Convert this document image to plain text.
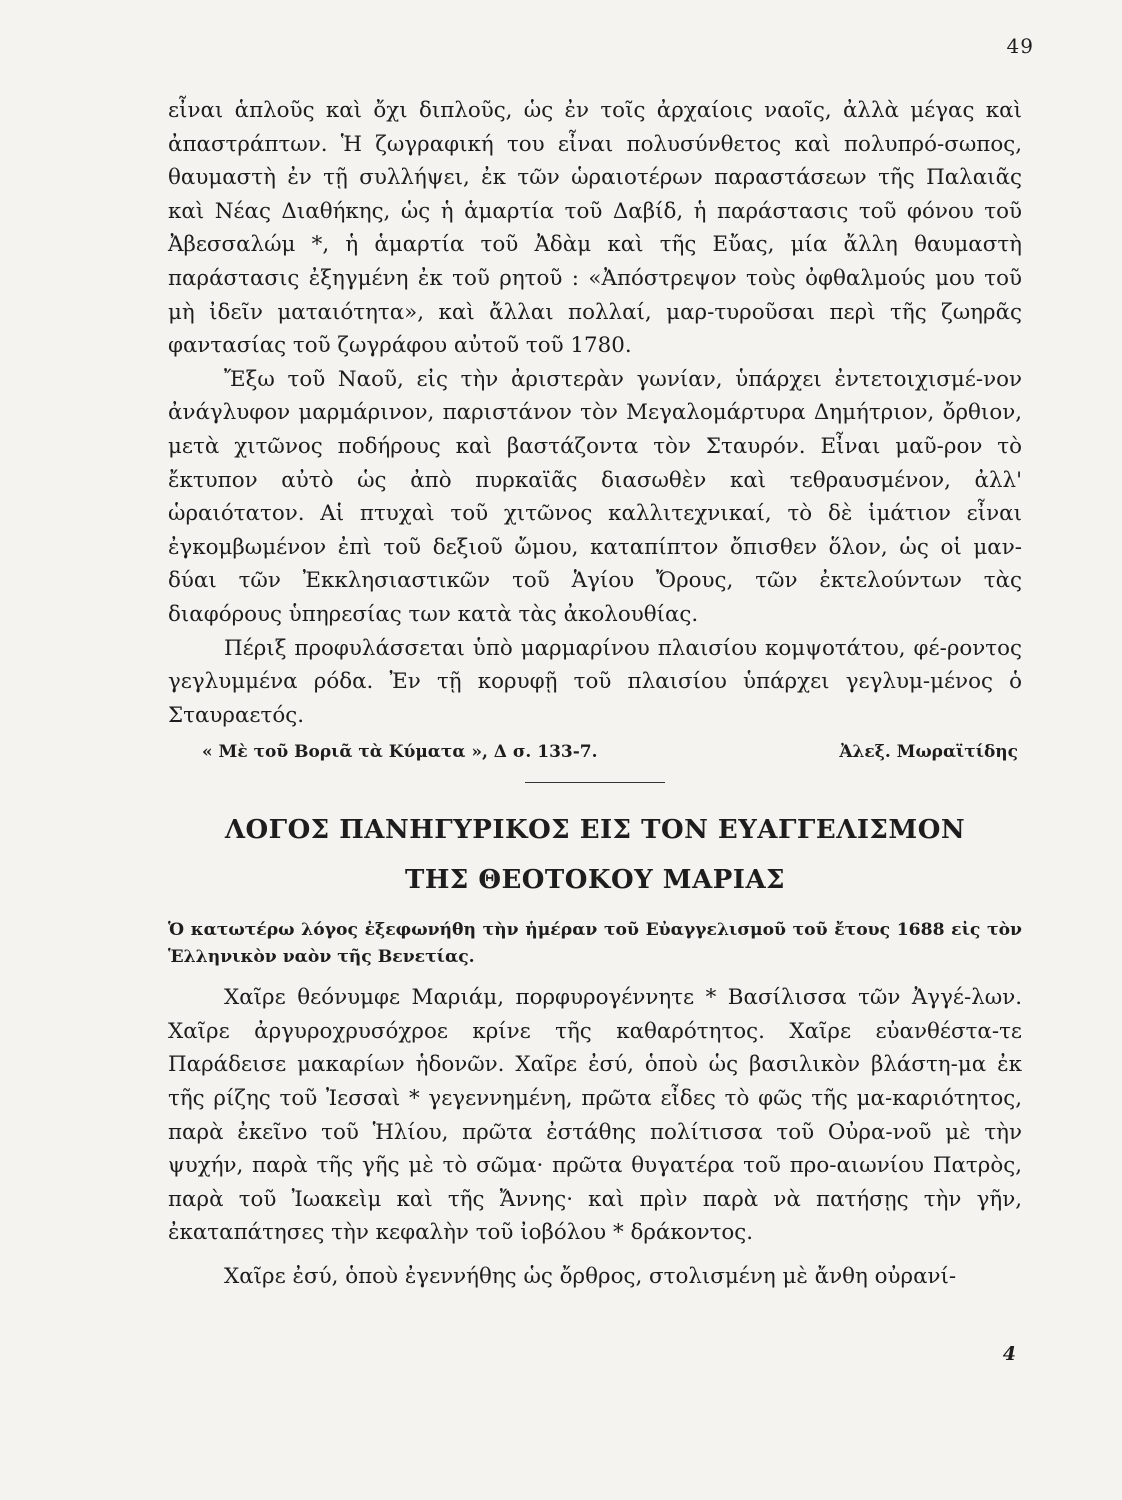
49

εἶναι ἁπλοῦς καὶ ὄχι διπλοῦς, ὡς ἐν τοῖς ἀρχαίοις ναοῖς, ἀλλὰ μέγας καὶ ἀπαστράπτων. Ἡ ζωγραφική του εἶναι πολυσύνθετος καὶ πολυπρό-σωπος, θαυμαστὴ ἐν τῇ συλλήψει, ἐκ τῶν ὡραιοτέρων παραστάσεων τῆς Παλαιᾶς καὶ Νέας Διαθήκης, ὡς ἡ ἁμαρτία τοῦ Δαβίδ, ἡ παράστασις τοῦ φόνου τοῦ Ἀβεσσαλώμ *, ἡ ἁμαρτία τοῦ Ἀδὰμ καὶ τῆς Εὔας, μία ἄλλη θαυμαστὴ παράστασις ἐξηγμένη ἐκ τοῦ ρητοῦ : «Ἀπόστρεψον τοὺς ὀφθαλμούς μου τοῦ μὴ ἰδεῖν ματαιότητα», καὶ ἄλλαι πολλαί, μαρ-τυροῦσαι περὶ τῆς ζωηρᾶς φαντασίας τοῦ ζωγράφου αὐτοῦ τοῦ 1780.

Ἔξω τοῦ Ναοῦ, εἰς τὴν ἀριστερὰν γωνίαν, ὑπάρχει ἐντετοιχισμέ-νον ἀνάγλυφον μαρμάρινον, παριστάνον τὸν Μεγαλομάρτυρα Δημήτριον, ὄρθιον, μετὰ χιτῶνος ποδήρους καὶ βαστάζοντα τὸν Σταυρόν. Εἶναι μαῦ-ρον τὸ ἔκτυπον αὐτὸ ὡς ἀπὸ πυρκαϊᾶς διασωθὲν καὶ τεθραυσμένον, ἀλλ' ὡραιότατον. Αἱ πτυχαὶ τοῦ χιτῶνος καλλιτεχνικαί, τὸ δὲ ἱμάτιον εἶναι ἐγκομβωμένον ἐπὶ τοῦ δεξιοῦ ὤμου, καταπίπτον ὄπισθεν ὅλον, ὡς οἱ μαν-δύαι τῶν Ἐκκλησιαστικῶν τοῦ Ἁγίου Ὄρους, τῶν ἐκτελούντων τὰς διαφόρους ὑπηρεσίας των κατὰ τὰς ἀκολουθίας.

Πέριξ προφυλάσσεται ὑπὸ μαρμαρίνου πλαισίου κομψοτάτου, φέ-ροντος γεγλυμμένα ρόδα. Ἐν τῇ κορυφῇ τοῦ πλαισίου ὑπάρχει γεγλυμ-μένος ὁ Σταυραετός.

« Μὲ τοῦ Βοριᾶ τὰ Κύματα », Δ σ. 133-7.	Ἀλεξ. Μωραϊτίδης
ΛΟΓΟΣ ΠΑΝΗΓΥΡΙΚΟΣ ΕΙΣ ΤΟΝ ΕΥΑΓΓΕΛΙΣΜΟΝ
ΤΗΣ ΘΕΟΤΟΚΟΥ ΜΑΡΙΑΣ

Ὁ κατωτέρω λόγος ἐξεφωνήθη τὴν ἡμέραν τοῦ Εὐαγγελισμοῦ τοῦ ἔτους 1688 εἰς τὸν Ἑλληνικὸν ναὸν τῆς Βενετίας.

Χαῖρε θεόνυμφε Μαριάμ, πορφυρογέννητε * Βασίλισσα τῶν Ἀγγέ-λων. Χαῖρε ἀργυροχρυσόχροε κρίνε τῆς καθαρότητος. Χαῖρε εὐανθέστα-τε Παράδεισε μακαρίων ἡδονῶν. Χαῖρε ἐσύ, ὁποὺ ὡς βασιλικὸν βλάστη-μα ἐκ τῆς ρίζης τοῦ Ἰεσσαὶ * γεγεννημένη, πρῶτα εἶδες τὸ φῶς τῆς μα-καριότητος, παρὰ ἐκεῖνο τοῦ Ἡλίου, πρῶτα ἐστάθης πολίτισσα τοῦ Οὐρα-νοῦ μὲ τὴν ψυχήν, παρὰ τῆς γῆς μὲ τὸ σῶμα· πρῶτα θυγατέρα τοῦ προ-αιωνίου Πατρὸς, παρὰ τοῦ Ἰωακεὶμ καὶ τῆς Ἄννης· καὶ πρὶν παρὰ νὰ πατήσῃς τὴν γῆν, ἐκαταπάτησες τὴν κεφαλὴν τοῦ ἰοβόλου * δράκοντος.

Χαῖρε ἐσύ, ὁποὺ ἐγεννήθης ὡς ὄρθρος, στολισμένη μὲ ἄνθη οὐρανί-

4
